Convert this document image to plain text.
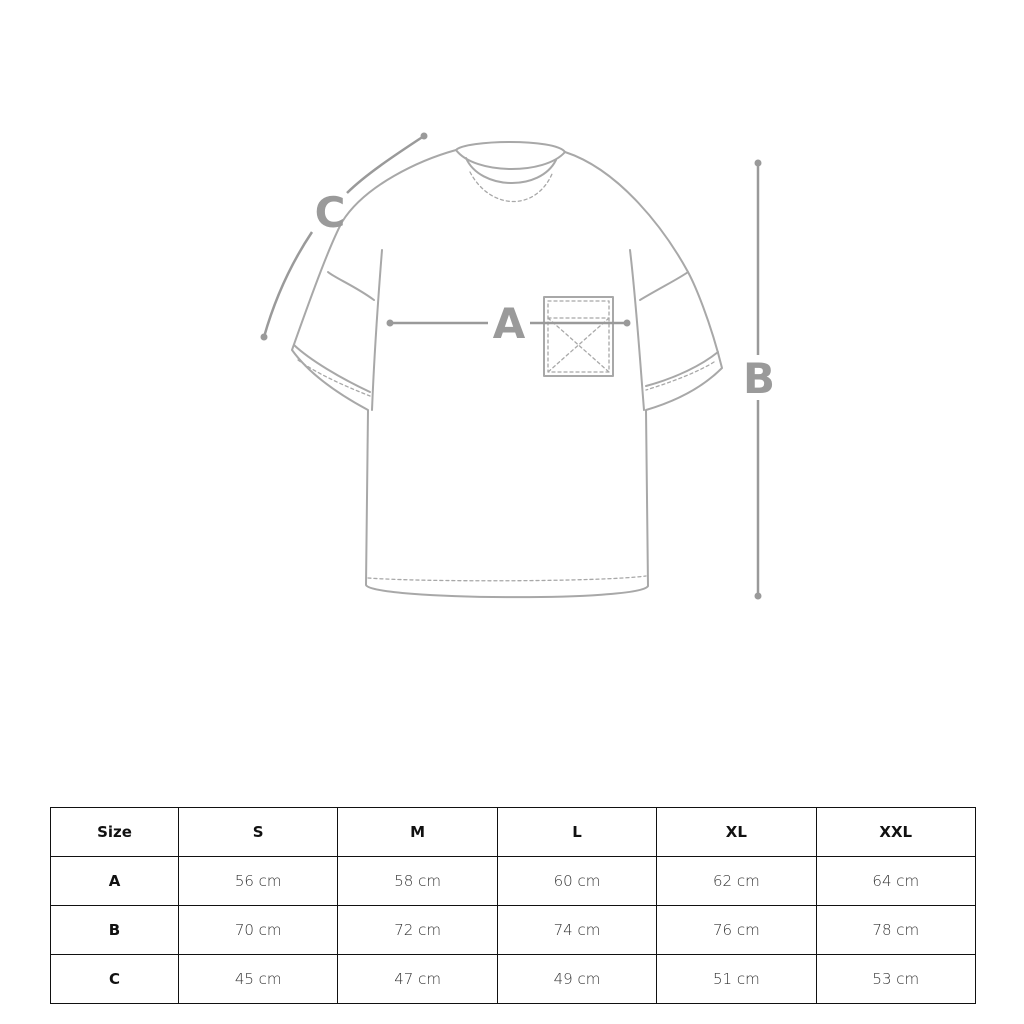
A
B
C
Size	S	M	L	XL	XXL
A	56 cm	58 cm	60 cm	62 cm	64 cm
B	70 cm	72 cm	74 cm	76 cm	78 cm
C	45 cm	47 cm	49 cm	51 cm	53 cm
